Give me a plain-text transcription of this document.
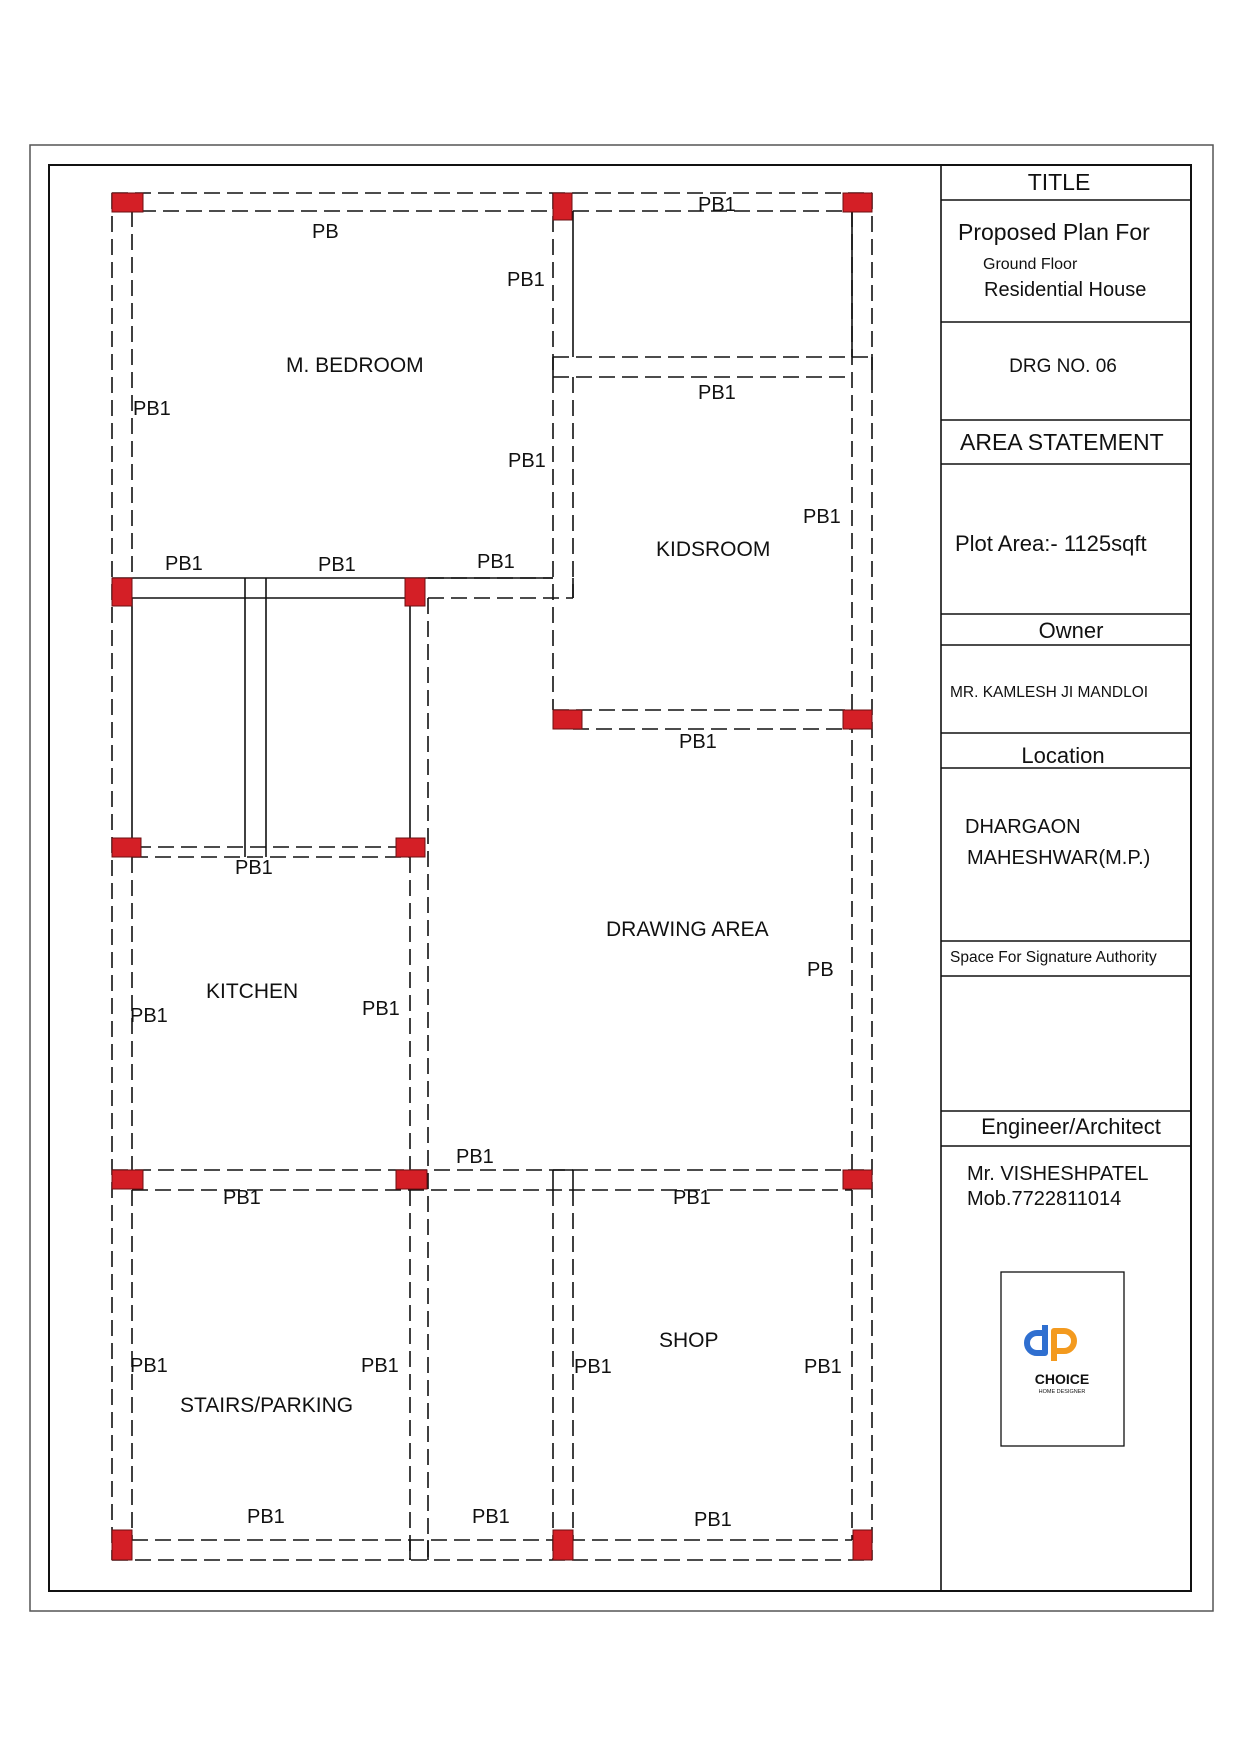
M. BEDROOM
KIDSROOM
DRAWING AREA
KITCHEN
STAIRS/PARKING
SHOP
PB
PB1
PB1
PB1
PB1
PB1
PB1
PB1	PB1	PB1
PB1
PB1
PB
PB1	PB1
PB1
PB1	PB1
PB1	PB1	PB1	PB1
PB1	PB1	PB1
TITLE
Proposed Plan For
Ground Floor
Residential House
DRG NO. 06
AREA STATEMENT
Plot Area:- 1125sqft
Owner
MR. KAMLESH JI MANDLOI
Location
DHARGAON
MAHESHWAR(M.P.)
Space For Signature Authority
Engineer/Architect
Mr. VISHESHPATEL
Mob.7722811014
CHOICE
HOME DESIGNER
